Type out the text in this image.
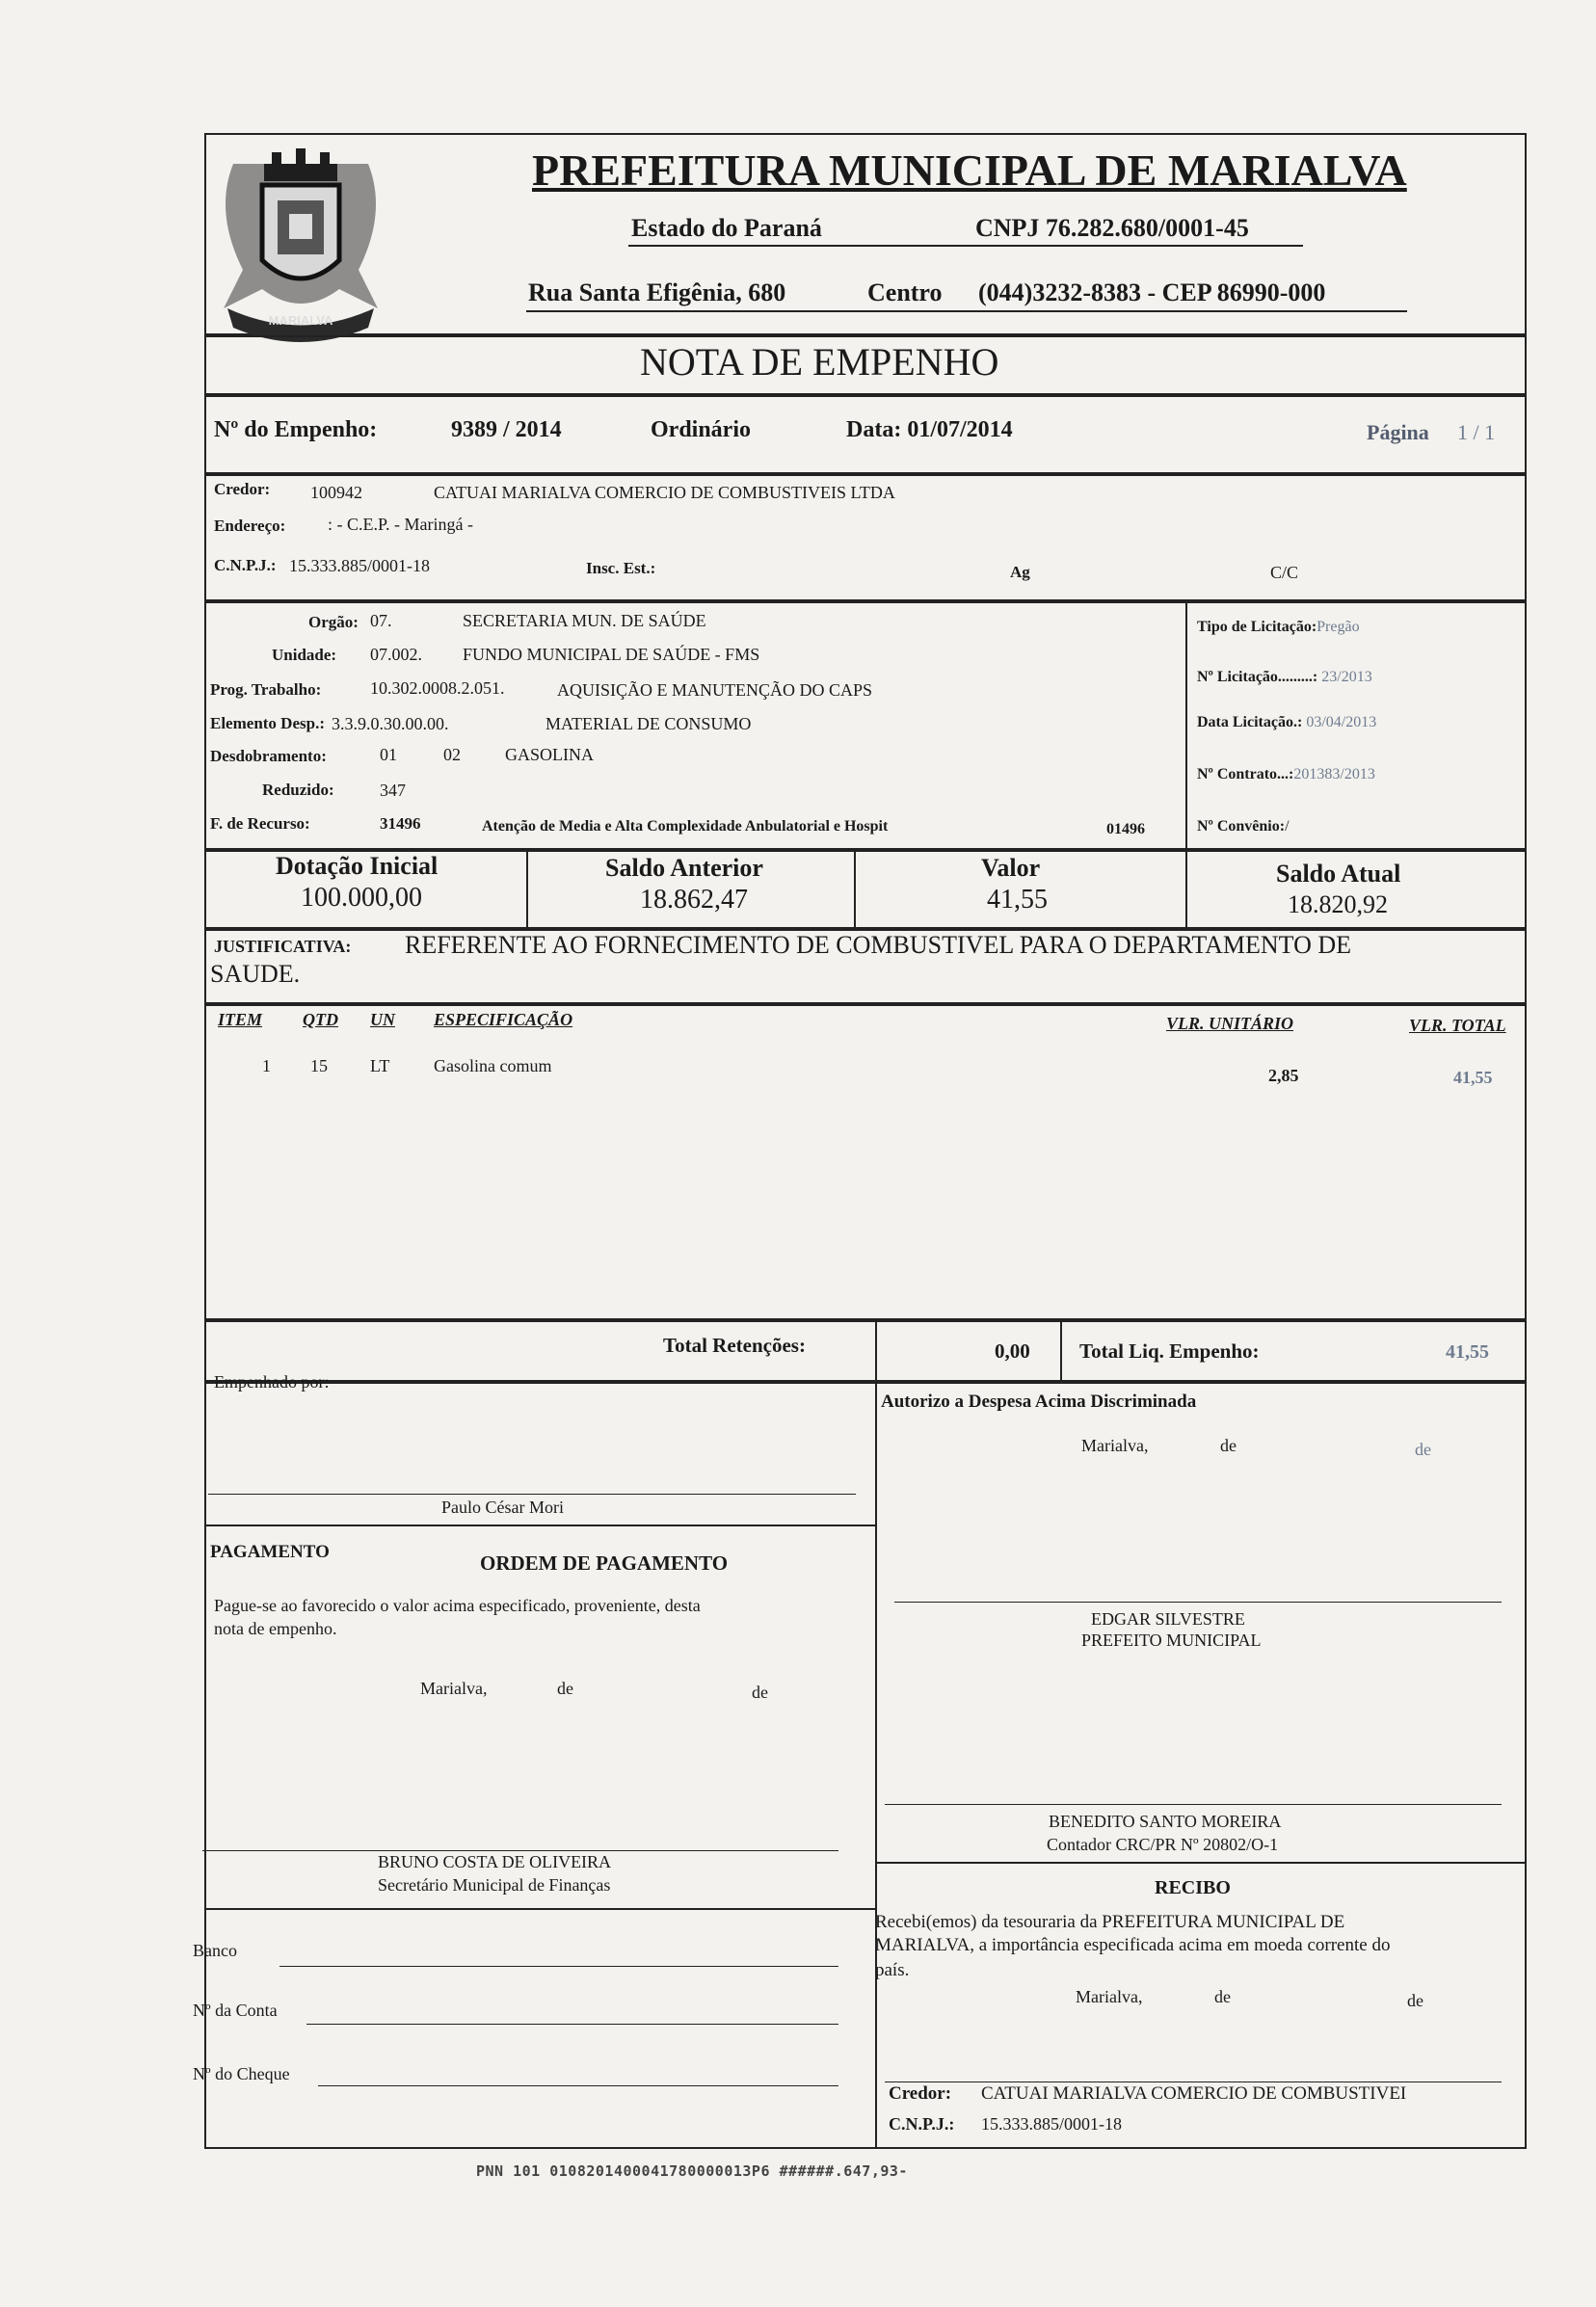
MARIALVA
PREFEITURA MUNICIPAL DE MARIALVA
Estado do Paraná	CNPJ 76.282.680/0001-45
Rua Santa Efigênia, 680	Centro (044)3232-8383 - CEP 86990-000
NOTA DE EMPENHO
Nº do Empenho:	9389 / 2014	Ordinário	Data: 01/07/2014	Página 1 / 1
Credor: 100942	CATUAI MARIALVA COMERCIO DE COMBUSTIVEIS LTDA
Endereço: : - C.E.P. - Maringá -
C.N.P.J.: 15.333.885/0001-18	Insc. Est.:	Ag	C/C
Orgão: 07.	SECRETARIA MUN. DE SAÚDE
Unidade: 07.002. FUNDO MUNICIPAL DE SAÚDE - FMS
Prog. Trabalho:	10.302.0008.2.051.	AQUISIÇÃO E MANUTENÇÃO DO CAPS
Elemento Desp.: 3.3.9.0.30.00.00.	MATERIAL DE CONSUMO
Desdobramento:	01	02	GASOLINA
Reduzido:	347
F. de Recurso:	31496	Atenção de Media e Alta Complexidade Anbulatorial e Hospit	01496
Tipo de Licitação:Pregão
Nº Licitação.........: 23/2013
Data Licitação.: 03/04/2013
Nº Contrato...:201383/2013
Nº Convênio:/
Dotação Inicial
100.000,00
Saldo Anterior
18.862,47
Valor
41,55
Saldo Atual
18.820,92
JUSTIFICATIVA: REFERENTE AO FORNECIMENTO DE COMBUSTIVEL PARA O DEPARTAMENTO DE
SAUDE.
ITEM QTD UN ESPECIFICAÇÃO	VLR. UNITÁRIO	VLR. TOTAL
1 15 LT	Gasolina comum	2,85	41,55
Total Retenções:	0,00 Total Liq. Empenho:	41,55
Empenhado por:
Paulo César Mori
PAGAMENTO	ORDEM DE PAGAMENTO
Pague-se ao favorecido o valor acima especificado, proveniente, desta
nota de empenho.
Marialva,	de	de
BRUNO COSTA DE OLIVEIRA
Secretário Municipal de Finanças
Banco
Nº da Conta
Nº do Cheque
Autorizo a Despesa Acima Discriminada
Marialva,	de	de
EDGAR SILVESTRE
PREFEITO MUNICIPAL
BENEDITO SANTO MOREIRA
Contador CRC/PR Nº 20802/O-1
RECIBO
Recebi(emos) da tesouraria da PREFEITURA MUNICIPAL DE
MARIALVA, a importância especificada acima em moeda corrente do
país.
Marialva,	de	de
Credor: CATUAI MARIALVA COMERCIO DE COMBUSTIVEI
C.N.P.J.: 15.333.885/0001-18
PNN 101 0108201400041780000013P6 ######.647,93-
